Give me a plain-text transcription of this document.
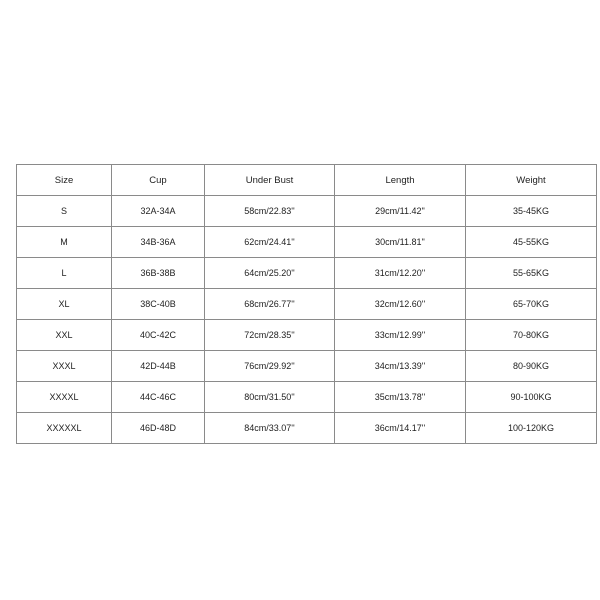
Size	Cup	Under Bust	Length	Weight
S	32A-34A	58cm/22.83''	29cm/11.42''	35-45KG
M	34B-36A	62cm/24.41''	30cm/11.81''	45-55KG
L	36B-38B	64cm/25.20''	31cm/12.20''	55-65KG
XL	38C-40B	68cm/26.77''	32cm/12.60''	65-70KG
XXL	40C-42C	72cm/28.35''	33cm/12.99''	70-80KG
XXXL	42D-44B	76cm/29.92''	34cm/13.39''	80-90KG
XXXXL	44C-46C	80cm/31.50''	35cm/13.78''	90-100KG
XXXXXL	46D-48D	84cm/33.07''	36cm/14.17''	100-120KG
